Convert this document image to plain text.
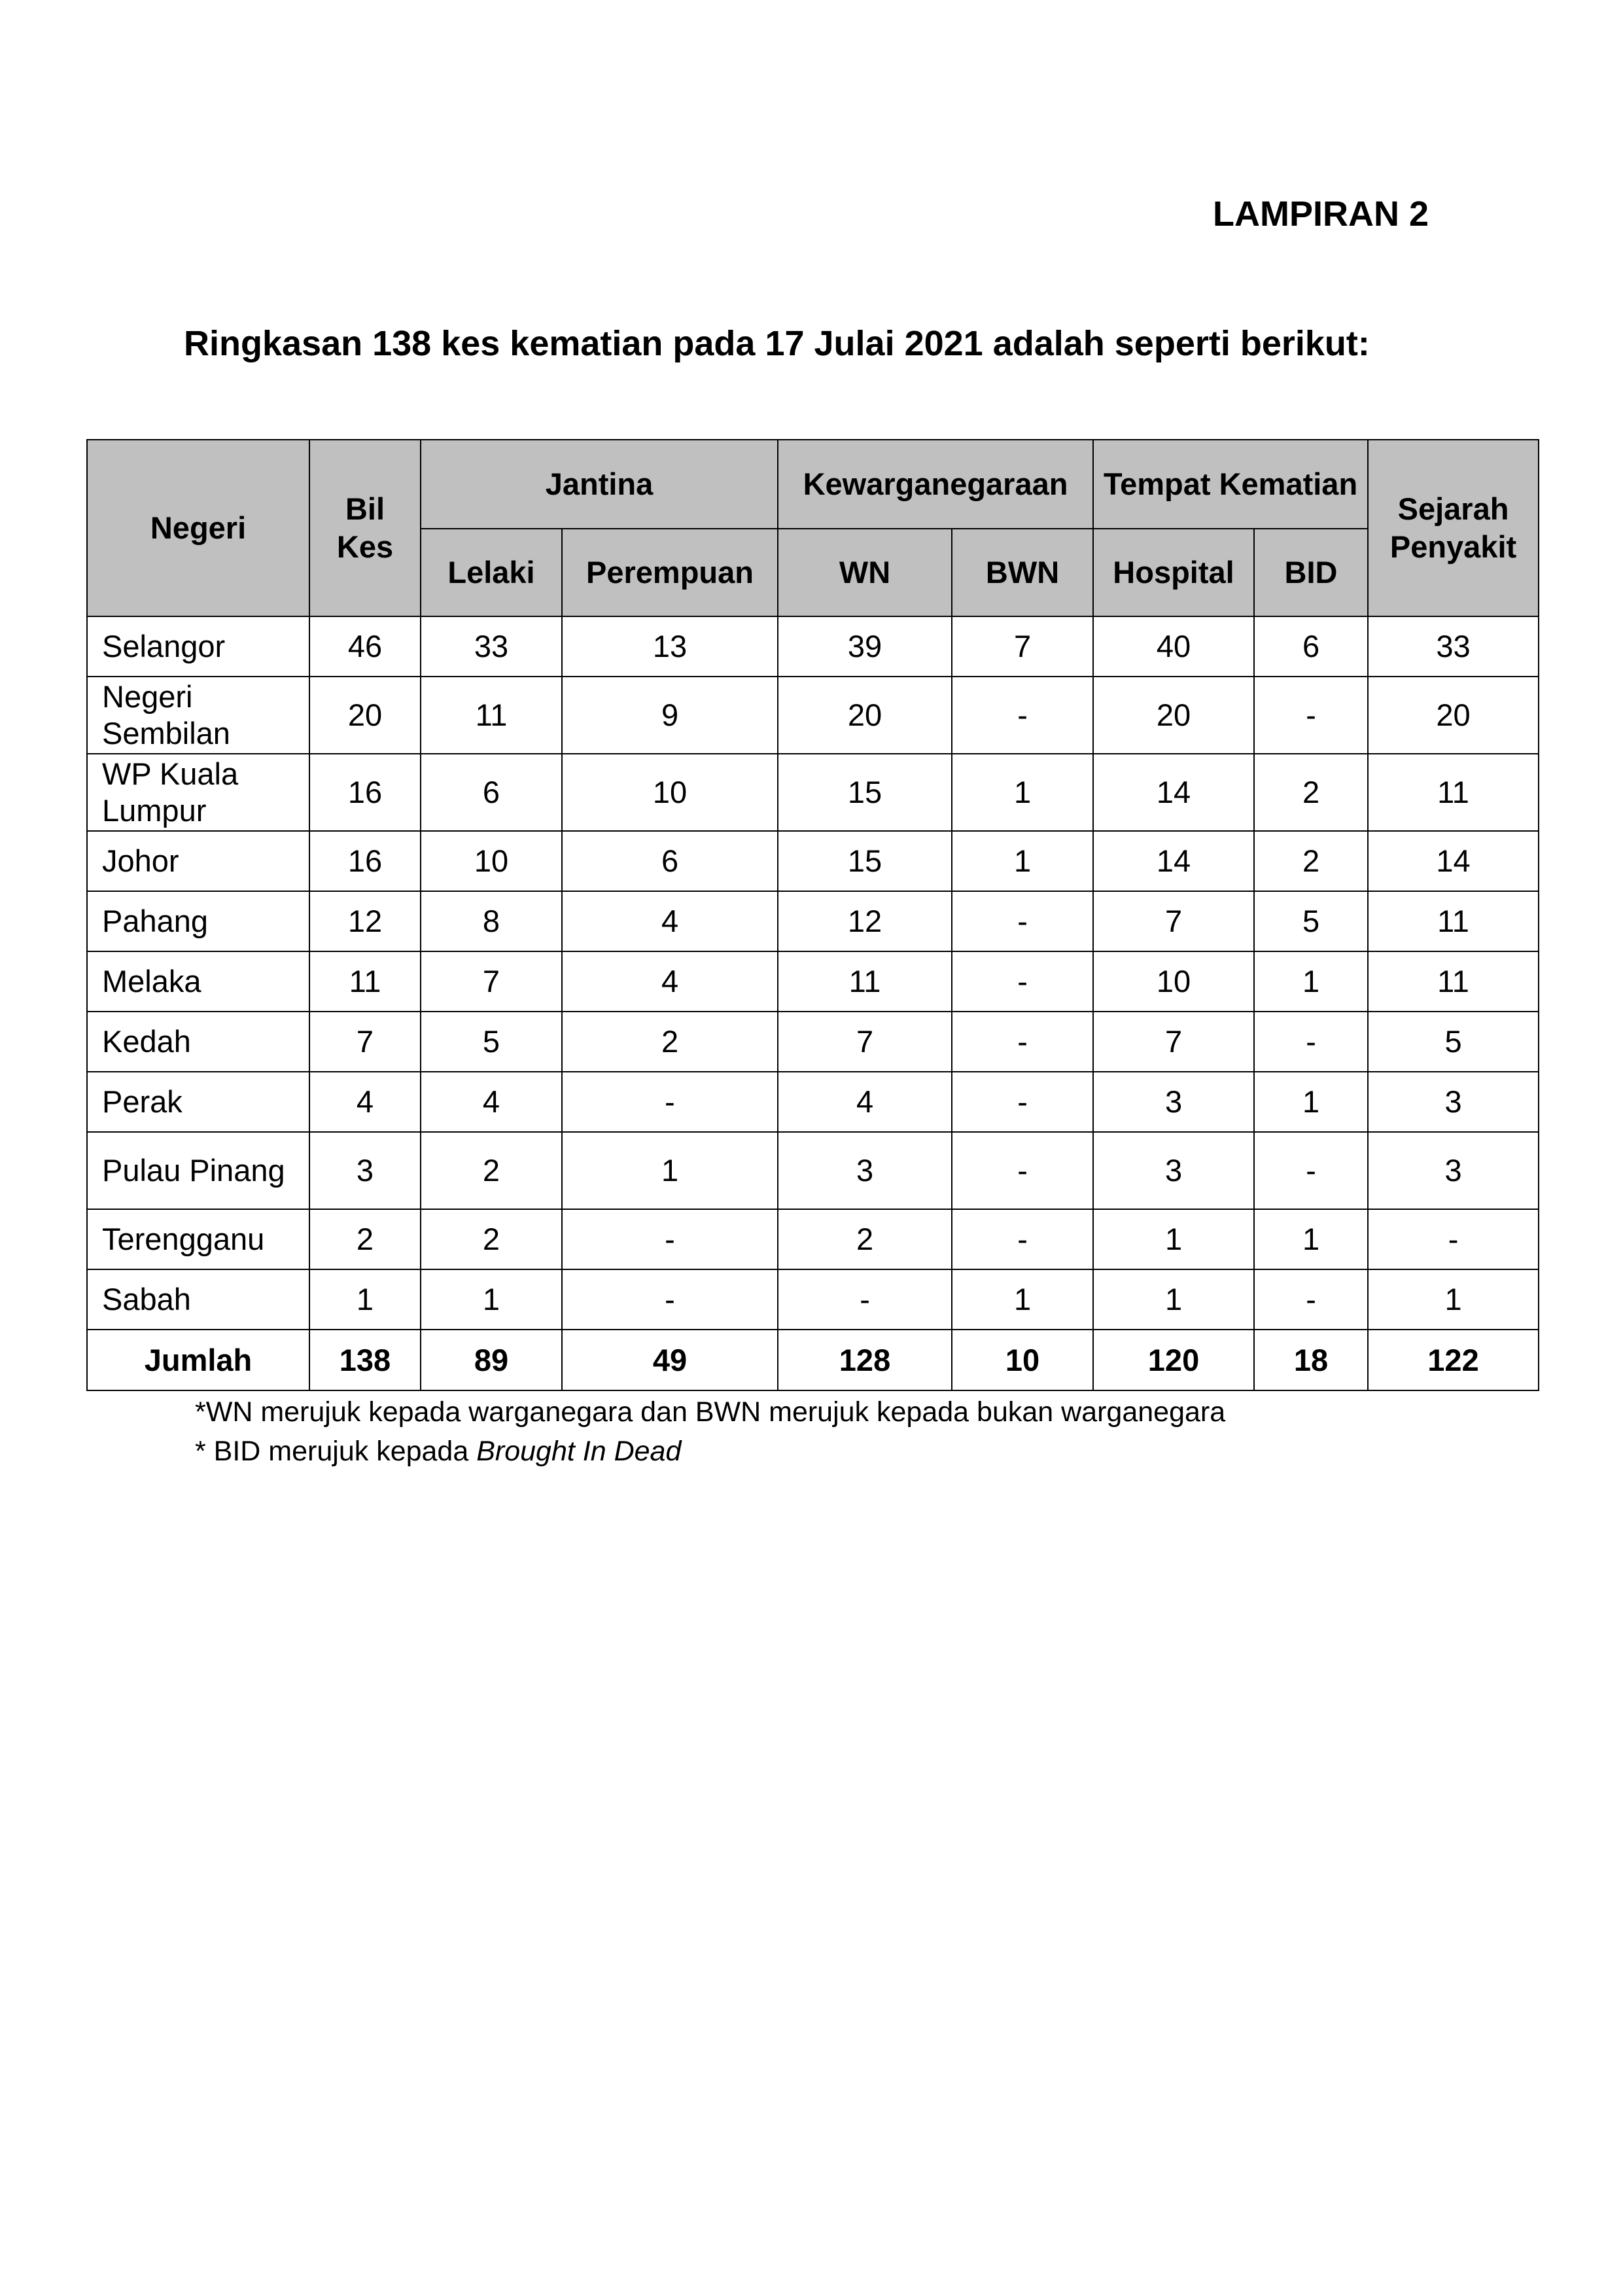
LAMPIRAN 2

Ringkasan 138 kes kematian pada 17 Julai 2021 adalah seperti berikut:

Negeri	Bil Kes	Jantina		Kewarganegaraan		Tempat Kematian		Sejarah Penyakit
		Lelaki	Perempuan	WN	BWN	Hospital	BID	
Selangor	46	33	13	39	7	40	6	33
Negeri Sembilan	20	11	9	20	-	20	-	20
WP Kuala Lumpur	16	6	10	15	1	14	2	11
Johor	16	10	6	15	1	14	2	14
Pahang	12	8	4	12	-	7	5	11
Melaka	11	7	4	11	-	10	1	11
Kedah	7	5	2	7	-	7	-	5
Perak	4	4	-	4	-	3	1	3
Pulau Pinang	3	2	1	3	-	3	-	3
Terengganu	2	2	-	2	-	1	1	-
Sabah	1	1	-	-	1	1	-	1
Jumlah	138	89	49	128	10	120	18	122
*WN merujuk kepada warganegara dan BWN merujuk kepada bukan warganegara
* BID merujuk kepada Brought In Dead
